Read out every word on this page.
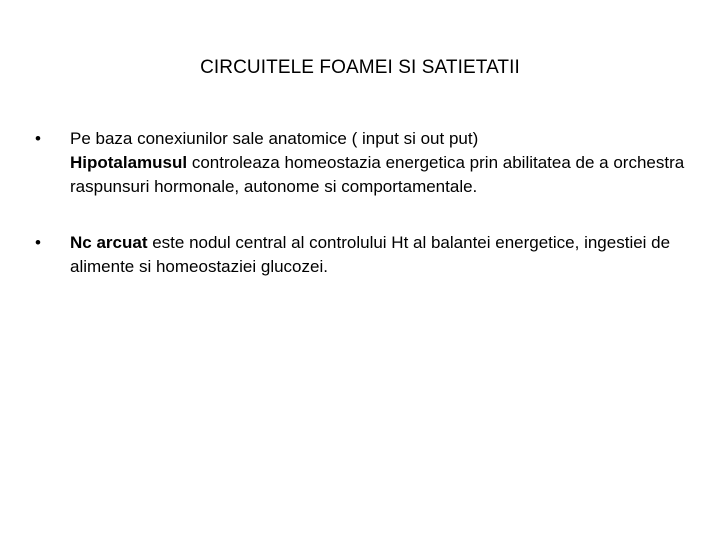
CIRCUITELE FOAMEI SI SATIETATII
•	Pe baza conexiunilor sale anatomice ( input si out put)
Hipotalamusul controleaza homeostazia energetica prin abilitatea de a orchestra raspunsuri hormonale, autonome si comportamentale.
•	Nc arcuat este nodul central al controlului Ht al balantei energetice, ingestiei de alimente si homeostaziei glucozei.
